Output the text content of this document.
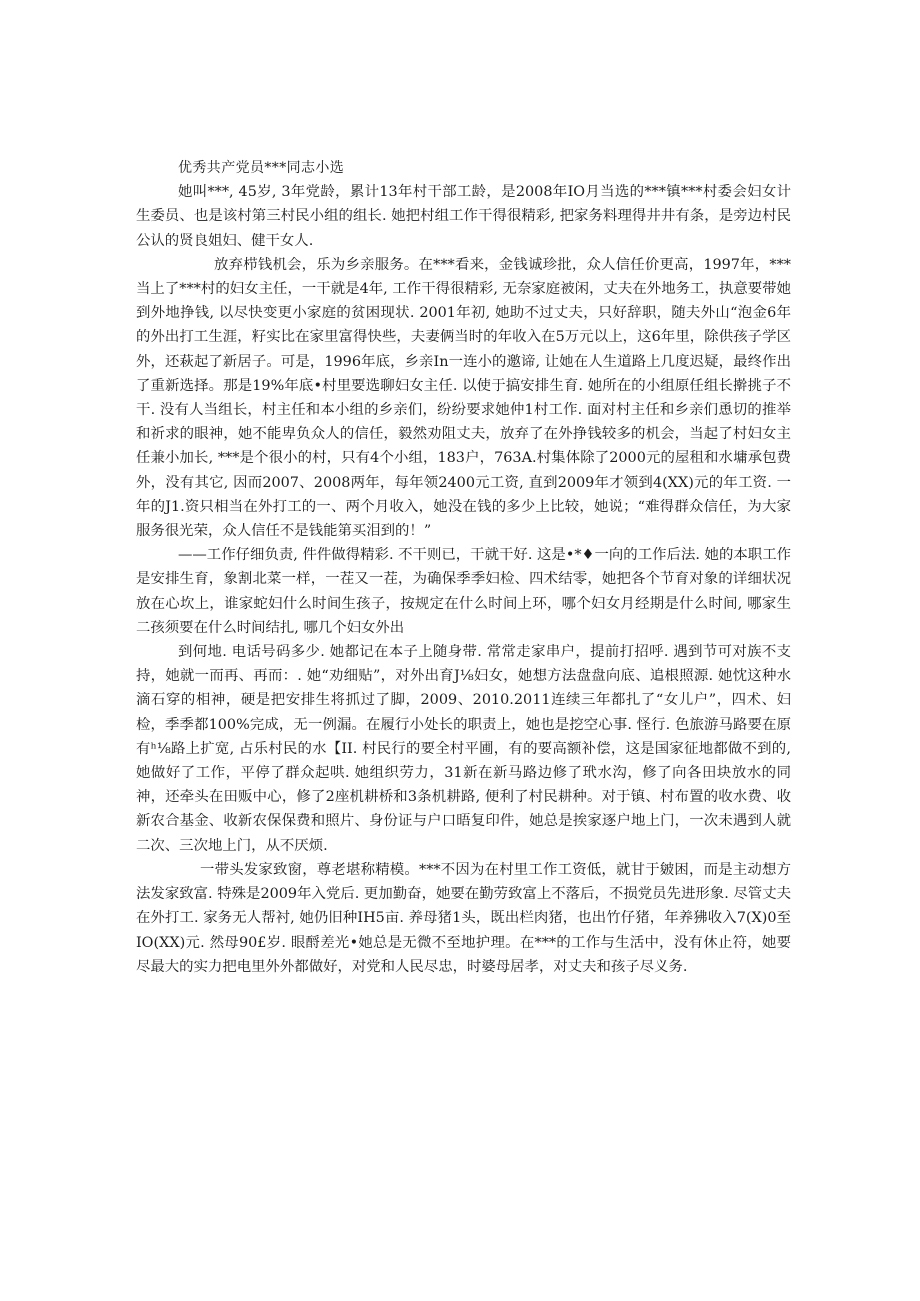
优秀共产党员***同志小选

她叫***, 45岁, 3年党龄，累计13年村干部工龄，是2008年IO月当选的***镇***村委会妇女计生委员、也是该村第三村民小组的组长. 她把村组工作干得很精彩, 把家务料理得井井有条，是旁边村民公认的贤良姐妇、健干女人.

放弃栉钱机会，乐为乡亲服务。在***看来，金钱诚珍批，众人信任价更高，1997年，***当上了***村的妇女主任，一干就是4年, 工作干得很精彩, 无奈家庭被闲，丈夫在外地务工，执意要带她到外地挣钱, 以尽快变更小家庭的贫困现状. 2001年初, 她助不过丈夫，只好辞职，随夫外山“泡金6年的外出打工生涯，籽实比在家里富得快些，夫妻俩当时的年收入在5万元以上，这6年里，除供孩子学区外，还萩起了新居子。可是，1996年底，乡亲In一连小的邀谛, 让她在人生道路上几度迟疑，最终作出了重新选择。那是19%年底•村里要选聊妇女主任. 以使于搞安排生育. 她所在的小组原任组长擀挑子不干. 没有人当组长，村主任和本小组的乡亲们，纷纷要求她仲1村工作. 面对村主任和乡亲们恿切的推举和祈求的眼神，她不能卑负众人的信任，毅然劝阻丈夫，放弃了在外挣钱较多的机会，当起了村妇女主任兼小加长, ***是个很小的村，只有4个小组，183户，763A.村集体除了2000元的屋租和水墉承包费外，没有其它, 因而2007、2008两年，每年领2400元工资, 直到2009年才领到4(XX)元的年工资. 一年的J1.资只相当在外打工的一、两个月收入，她没在钱的多少上比较，她说；“难得群众信任，为大家服务很光荣，众人信任不是钱能第买泪到的！”

——工作仔细负责, 件件做得精彩. 不干则已，干就干好. 这是•*♦一向的工作后法. 她的本职工作是安排生育，象割北菜一样，一茬又一茬，为确保季季妇检、四术结零，她把各个节育对象的详细状况放在心坎上，谁家蛇妇什么时间生孩子，按规定在什么时间上环，哪个妇女月经期是什么时间, 哪家生二孩须要在什么时间结扎, 哪几个妇女外出

到何地. 电话号码多少. 她都记在本子上随身带. 常常走家串户，提前打招呼. 遇到节可对族不支持，她就一而再、再而：. 她“劝细贴”，对外出育J⅛妇女，她想方法盘盘向底、追根照源. 她忱这种水滴石穿的相神，硬是把安排生将抓过了脚，2009、2010.2011连续三年都扎了“女儿户”，四术、妇检，季季都100%完成，无一例漏。在履行小处长的职责上，她也是挖空心事. 怪行. 色旅游马路要在原有ʰ⅛路上扩宽, 占乐村民的水【II. 村民行的要全村平圃，有的要高额补偿，这是国家征地都做不到的, 她做好了工作，平停了群众起哄. 她组织劳力，31新在新马路边修了玳水沟，修了向各田块放水的同神，还牵头在田贩中心，修了2座机耕桥和3条机耕路, 便利了村民耕种。对于镇、村布置的收水费、收新农合基金、收新农保保费和照片、身份证与户口晤复印件，她总是挨家逐户地上门，一次未遇到人就二次、三次地上门，从不厌烦.

一带头发家致窗，尊老堪称精模。***不因为在村里工作工资低，就甘于皴困，而是主动想方法发家致富. 特殊是2009年入党后. 更加勤奋，她要在勤劳致富上不落后，不损党员先进形象. 尽管丈夫在外打工. 家务无人帮衬, 她仍旧种IH5亩. 养母猪1头，既出栏肉猪，也出竹仔猪，年养狒收入7(X)0至IO(XX)元. 然母90£岁. 眼酹差光•她总是无微不至地护理。在***的工作与生活中，没有休止符，她要尽最大的实力把电里外外都做好，对党和人民尽忠，时婆母居孝，对丈夫和孩子尽义务.
